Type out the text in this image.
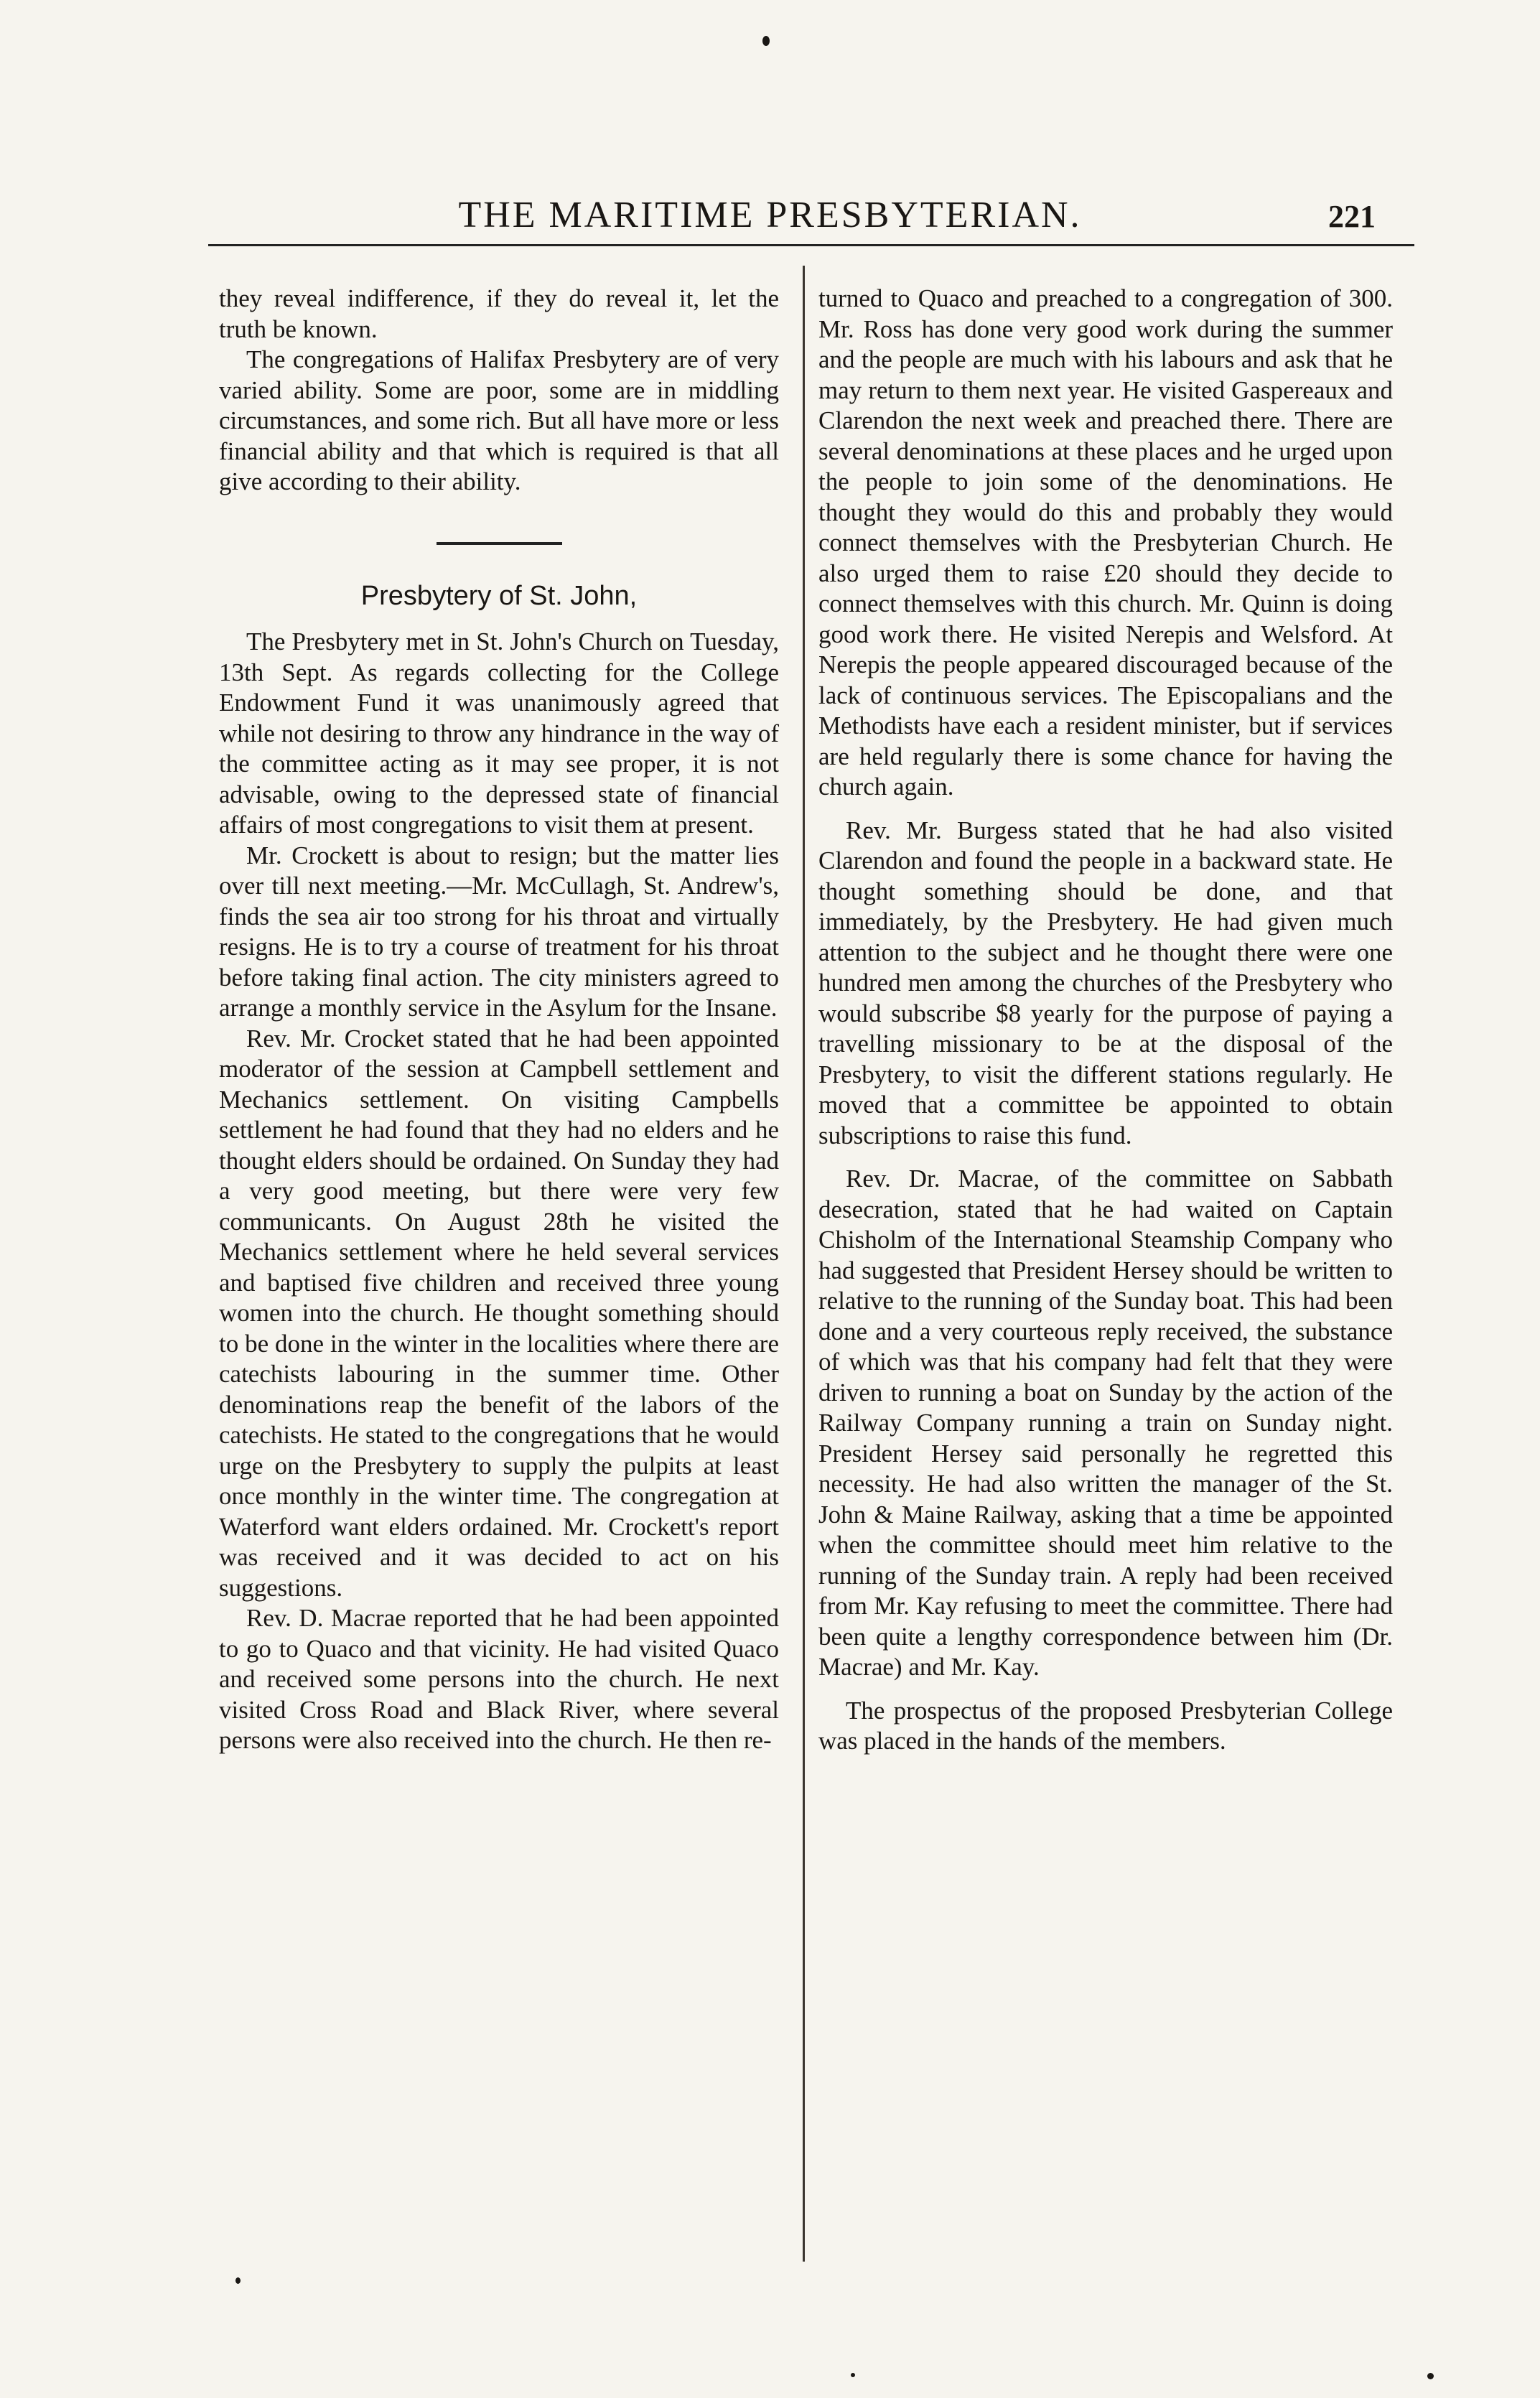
THE MARITIME PRESBYTERIAN.	221

they reveal indifference, if they do reveal it, let the truth be known.

The congregations of Halifax Presbytery are of very varied ability. Some are poor, some are in middling circumstances, and some rich. But all have more or less financial ability and that which is required is that all give according to their ability.

Presbytery of St. John,

The Presbytery met in St. John's Church on Tuesday, 13th Sept. As regards collecting for the College Endowment Fund it was unanimously agreed that while not desiring to throw any hindrance in the way of the committee acting as it may see proper, it is not advisable, owing to the depressed state of financial affairs of most congregations to visit them at present.

Mr. Crockett is about to resign; but the matter lies over till next meeting.—Mr. McCullagh, St. Andrew's, finds the sea air too strong for his throat and virtually resigns. He is to try a course of treatment for his throat before taking final action. The city ministers agreed to arrange a monthly service in the Asylum for the Insane.

Rev. Mr. Crocket stated that he had been appointed moderator of the session at Campbell settlement and Mechanics settlement. On visiting Campbells settlement he had found that they had no elders and he thought elders should be ordained. On Sunday they had a very good meeting, but there were very few communicants. On August 28th he visited the Mechanics settlement where he held several services and baptised five children and received three young women into the church. He thought something should to be done in the winter in the localities where there are catechists labouring in the summer time. Other denominations reap the benefit of the labors of the catechists. He stated to the congregations that he would urge on the Presbytery to supply the pulpits at least once monthly in the winter time. The congregation at Waterford want elders ordained. Mr. Crockett's report was received and it was decided to act on his suggestions.

Rev. D. Macrae reported that he had been appointed to go to Quaco and that vicinity. He had visited Quaco and received some persons into the church. He next visited Cross Road and Black River, where several persons were also received into the church. He then re-

turned to Quaco and preached to a congregation of 300. Mr. Ross has done very good work during the summer and the people are much with his labours and ask that he may return to them next year. He visited Gaspereaux and Clarendon the next week and preached there. There are several denominations at these places and he urged upon the people to join some of the denominations. He thought they would do this and probably they would connect themselves with the Presbyterian Church. He also urged them to raise £20 should they decide to connect themselves with this church. Mr. Quinn is doing good work there. He visited Nerepis and Welsford. At Nerepis the people appeared discouraged because of the lack of continuous services. The Episcopalians and the Methodists have each a resident minister, but if services are held regularly there is some chance for having the church again.

Rev. Mr. Burgess stated that he had also visited Clarendon and found the people in a backward state. He thought something should be done, and that immediately, by the Presbytery. He had given much attention to the subject and he thought there were one hundred men among the churches of the Presbytery who would subscribe $8 yearly for the purpose of paying a travelling missionary to be at the disposal of the Presbytery, to visit the different stations regularly. He moved that a committee be appointed to obtain subscriptions to raise this fund.

Rev. Dr. Macrae, of the committee on Sabbath desecration, stated that he had waited on Captain Chisholm of the International Steamship Company who had suggested that President Hersey should be written to relative to the running of the Sunday boat. This had been done and a very courteous reply received, the substance of which was that his company had felt that they were driven to running a boat on Sunday by the action of the Railway Company running a train on Sunday night. President Hersey said personally he regretted this necessity. He had also written the manager of the St. John & Maine Railway, asking that a time be appointed when the committee should meet him relative to the running of the Sunday train. A reply had been received from Mr. Kay refusing to meet the committee. There had been quite a lengthy correspondence between him (Dr. Macrae) and Mr. Kay.

The prospectus of the proposed Presbyterian College was placed in the hands of the members.
